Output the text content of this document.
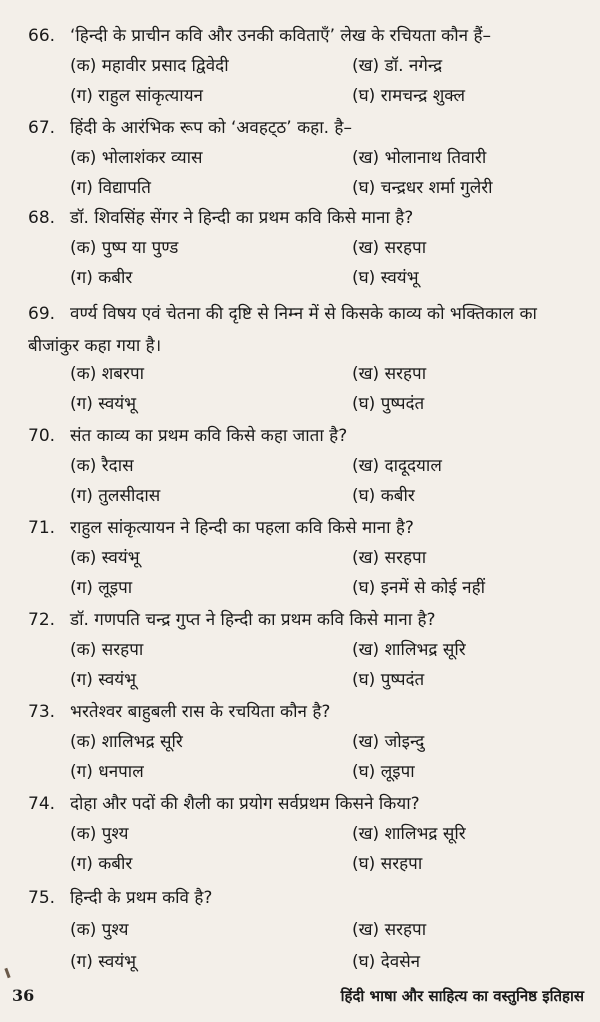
66. ‘हिन्दी के प्राचीन कवि और उनकी कविताएँ’ लेख के रचियता कौन हैं–
(क) महावीर प्रसाद द्विवेदी	(ख) डॉ. नगेन्द्र
(ग) राहुल सांकृत्यायन	(घ) रामचन्द्र शुक्ल
67. हिंदी के आरंभिक रूप को ‘अवहट्‌ठ’ कहा. है–
(क) भोलाशंकर व्यास	(ख) भोलानाथ तिवारी
(ग) विद्यापति	(घ) चन्द्रधर शर्मा गुलेरी
68. डॉ. शिवसिंह सेंगर ने हिन्दी का प्रथम कवि किसे माना है?
(क) पुष्प या पुण्ड	(ख) सरहपा
(ग) कबीर	(घ) स्वयंभू
69. वर्ण्य विषय एवं चेतना की दृष्टि से निम्न में से किसके काव्य को भक्तिकाल का बीजांकुर कहा गया है।
(क) शबरपा	(ख) सरहपा
(ग) स्वयंभू	(घ) पुष्पदंत
70. संत काव्य का प्रथम कवि किसे कहा जाता है?
(क) रैदास	(ख) दादूदयाल
(ग) तुलसीदास	(घ) कबीर
71. राहुल सांकृत्यायन ने हिन्दी का पहला कवि किसे माना है?
(क) स्वयंभू	(ख) सरहपा
(ग) लूइपा	(घ) इनमें से कोई नहीं
72. डॉ. गणपति चन्द्र गुप्त ने हिन्दी का प्रथम कवि किसे माना है?
(क) सरहपा	(ख) शालिभद्र सूरि
(ग) स्वयंभू	(घ) पुष्पदंत
73. भरतेश्वर बाहुबली रास के रचयिता कौन है?
(क) शालिभद्र सूरि	(ख) जोइन्दु
(ग) धनपाल	(घ) लूइपा
74. दोहा और पदों की शैली का प्रयोग सर्वप्रथम किसने किया?
(क) पुश्य	(ख) शालिभद्र सूरि
(ग) कबीर	(घ) सरहपा
75. हिन्दी के प्रथम कवि है?
(क) पुश्य	(ख) सरहपा
(ग) स्वयंभू	(घ) देवसेन
36	हिंदी भाषा और साहित्य का वस्तुनिष्ठ इतिहास
